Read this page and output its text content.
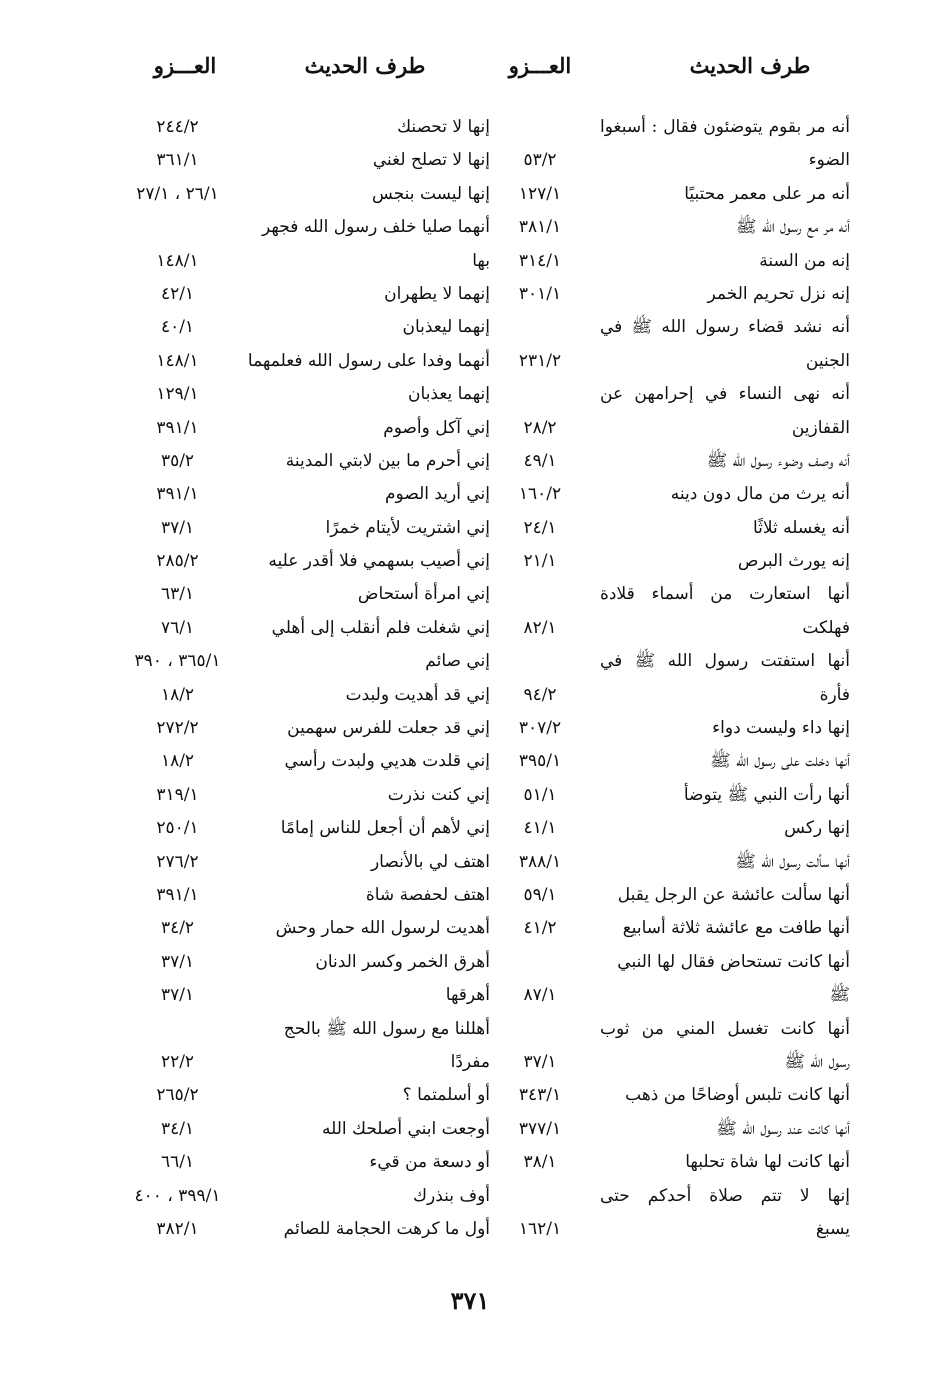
طرف الحديث
العـــزو
طرف الحديث
العـــزو
أنه مر بقوم يتوضئون فقال : أسبغوا
الضوء
٥٣/٢
أنه مر على معمر محتبيًا
١٢٧/١
أنه مر مع رسول الله ﷺ
٣٨١/١
إنه من السنة
٣١٤/١
إنه نزل تحريم الخمر
٣٠١/١
أنه نشد قضاء رسول الله ﷺ في
الجنين
٢٣١/٢
أنه نهى النساء في إحرامهن عن
القفازين
٢٨/٢
أنه وصف وضوء رسول الله ﷺ
٤٩/١
أنه يرث من مال دون دينه
١٦٠/٢
أنه يغسله ثلاثًا
٢٤/١
إنه يورث البرص
٢١/١
أنها استعارت من أسماء قلادة
فهلكت
٨٢/١
أنها استفتت رسول الله ﷺ في
فأرة
٩٤/٢
إنها داء وليست دواء
٣٠٧/٢
أنها دخلت على رسول الله ﷺ
٣٩٥/١
أنها رأت النبي ﷺ يتوضأ
٥١/١
إنها ركس
٤١/١
أنها سألت رسول الله ﷺ
٣٨٨/١
أنها سألت عائشة عن الرجل يقبل
٥٩/١
أنها طافت مع عائشة ثلاثة أسابيع
٤١/٢
أنها كانت تستحاض فقال لها النبي
ﷺ
٨٧/١
أنها كانت تغسل المني من ثوب
رسول الله ﷺ
٣٧/١
أنها كانت تلبس أوضاحًا من ذهب
٣٤٣/١
أنها كانت عند رسول الله ﷺ
٣٧٧/١
أنها كانت لها شاة تحلبها
٣٨/١
إنها لا تتم صلاة أحدكم حتى
يسبغ
١٦٢/١
إنها لا تحصنك
٢٤٤/٢
إنها لا تصلح لغني
٣٦١/١
إنها ليست بنجس
٢٦/١ ، ٢٧/١
أنهما صليا خلف رسول الله فجهر
بها
١٤٨/١
إنهما لا يطهران
٤٢/١
إنهما ليعذبان
٤٠/١
أنهما وفدا على رسول الله فعلمهما
١٤٨/١
إنهما يعذبان
١٢٩/١
إني آكل وأصوم
٣٩١/١
إني أحرم ما بين لابتي المدينة
٣٥/٢
إني أريد الصوم
٣٩١/١
إني اشتريت لأيتام خمرًا
٣٧/١
إني أصيب بسهمي فلا أقدر عليه
٢٨٥/٢
إني امرأة أستحاض
٦٣/١
إني شغلت فلم أنقلب إلى أهلي
٧٦/١
إني صائم
٣٦٥/١ ، ٣٩٠
إني قد أهديت ولبدت
١٨/٢
إني قد جعلت للفرس سهمين
٢٧٢/٢
إني قلدت هديي ولبدت رأسي
١٨/٢
إني كنت نذرت
٣١٩/١
إني لأهم أن أجعل للناس إمامًا
٢٥٠/١
اهتف لي بالأنصار
٢٧٦/٢
اهتف لحفصة شاة
٣٩١/١
أهديت لرسول الله حمار وحش
٣٤/٢
أهرق الخمر وكسر الدنان
٣٧/١
أهرقها
٣٧/١
أهللنا مع رسول الله ﷺ بالحج
مفردًا
٢٢/٢
أو أسلمتما ؟
٢٦٥/٢
أوجعت ابني أصلحك الله
٣٤/١
أو دسعة من قيء
٦٦/١
أوف بنذرك
٣٩٩/١ ، ٤٠٠
أول ما كرهت الحجامة للصائم
٣٨٢/١
٣٧١
